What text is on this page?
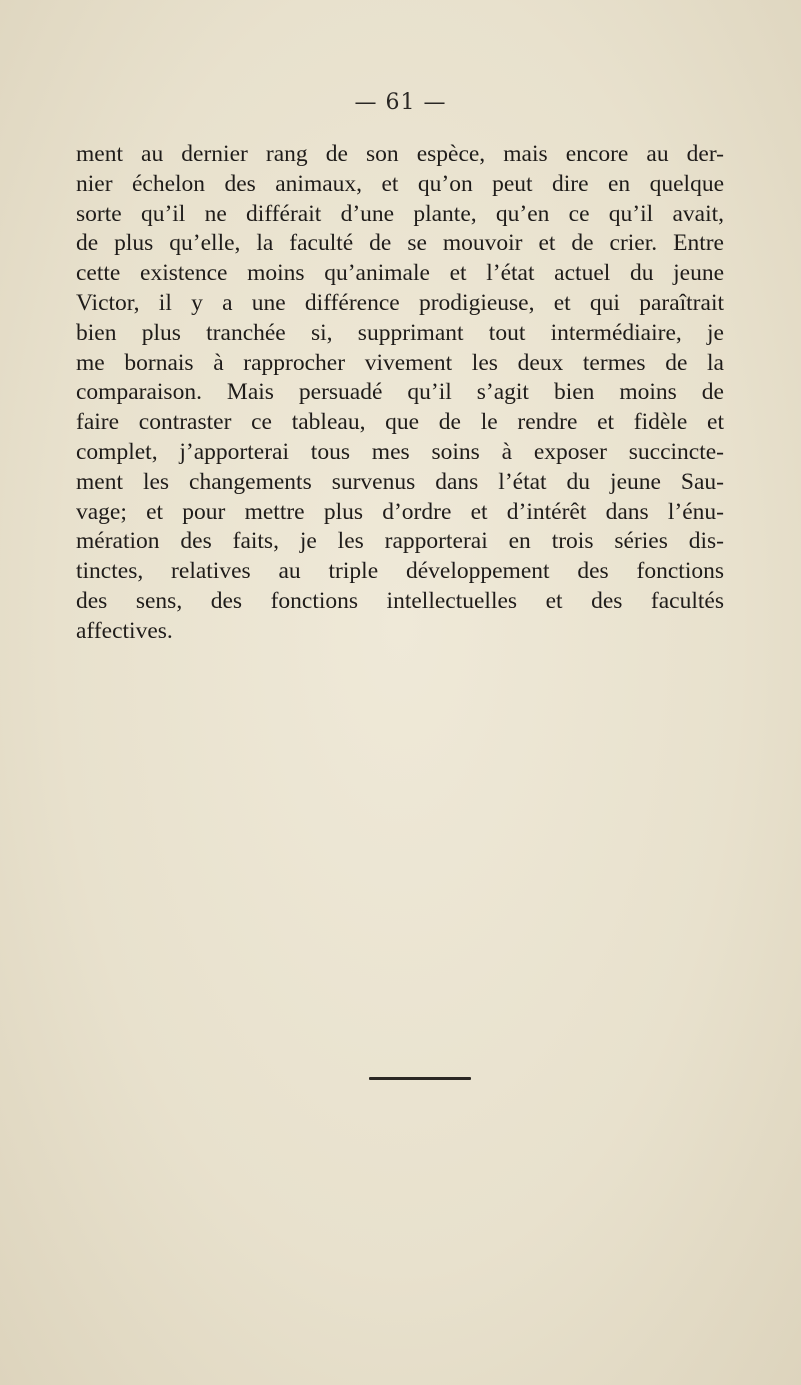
— 61 —
ment au dernier rang de son espèce, mais encore au der-
nier échelon des animaux, et qu’on peut dire en quelque
sorte qu’il ne différait d’une plante, qu’en ce qu’il avait,
de plus qu’elle, la faculté de se mouvoir et de crier. Entre
cette existence moins qu’animale et l’état actuel du jeune
Victor, il y a une différence prodigieuse, et qui paraîtrait
bien plus tranchée si, supprimant tout intermédiaire, je
me bornais à rapprocher vivement les deux termes de la
comparaison. Mais persuadé qu’il s’agit bien moins de
faire contraster ce tableau, que de le rendre et fidèle et
complet, j’apporterai tous mes soins à exposer succincte-
ment les changements survenus dans l’état du jeune Sau-
vage; et pour mettre plus d’ordre et d’intérêt dans l’énu-
mération des faits, je les rapporterai en trois séries dis-
tinctes, relatives au triple développement des fonctions
des sens, des fonctions intellectuelles et des facultés
affectives.
